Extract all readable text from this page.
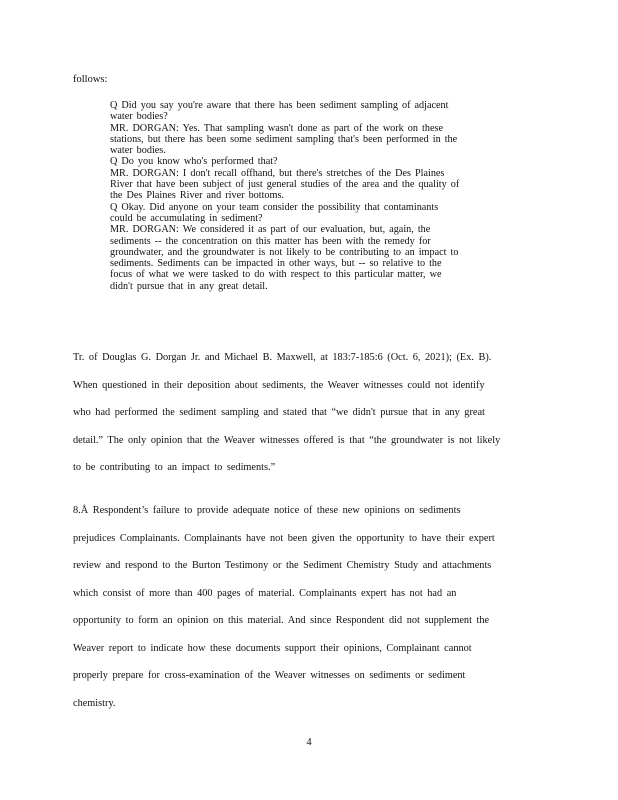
follows:
Q Did you say you're aware that there has been sediment sampling of adjacent
water bodies?
MR. DORGAN: Yes. That sampling wasn't done as part of the work on these
stations, but there has been some sediment sampling that's been performed in the
water bodies.
Q Do you know who's performed that?
MR. DORGAN: I don't recall offhand, but there's stretches of the Des Plaines
River that have been subject of just general studies of the area and the quality of
the Des Plaines River and river bottoms.
Q Okay. Did anyone on your team consider the possibility that contaminants
could be accumulating in sediment?
MR. DORGAN: We considered it as part of our evaluation, but, again, the
sediments -- the concentration on this matter has been with the remedy for
groundwater, and the groundwater is not likely to be contributing to an impact to
sediments. Sediments can be impacted in other ways, but -- so relative to the
focus of what we were tasked to do with respect to this particular matter, we
didn't pursue that in any great detail.
Tr. of Douglas G. Dorgan Jr. and Michael B. Maxwell, at 183:7-185:6 (Oct. 6, 2021); (Ex. B).
When questioned in their deposition about sediments, the Weaver witnesses could not identify
who had performed the sediment sampling and stated that “we didn't pursue that in any great
detail.” The only opinion that the Weaver witnesses offered is that “the groundwater is not likely
to be contributing to an impact to sediments.”
8.Å Respondent’s failure to provide adequate notice of these new opinions on sediments
prejudices Complainants. Complainants have not been given the opportunity to have their expert
review and respond to the Burton Testimony or the Sediment Chemistry Study and attachments
which consist of more than 400 pages of material. Complainants expert has not had an
opportunity to form an opinion on this material. And since Respondent did not supplement the
Weaver report to indicate how these documents support their opinions, Complainant cannot
properly prepare for cross-examination of the Weaver witnesses on sediments or sediment
chemistry.
4
